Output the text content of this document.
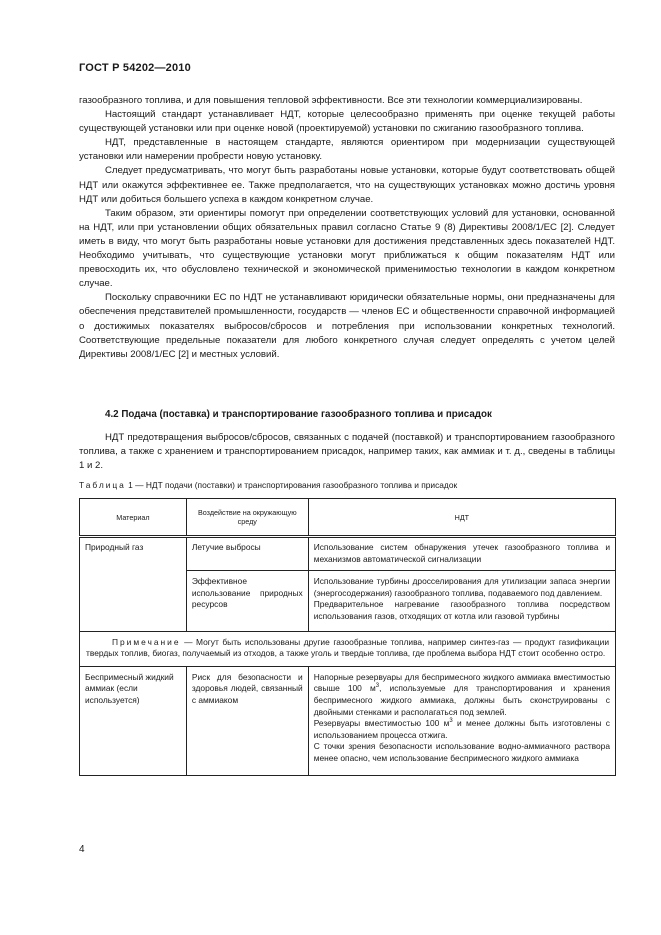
ГОСТ Р 54202—2010

газообразного топлива, и для повышения тепловой эффективности. Все эти технологии коммерциализированы.

Настоящий стандарт устанавливает НДТ, которые целесообразно применять при оценке текущей работы существующей установки или при оценке новой (проектируемой) установки по сжиганию газообразного топлива.

НДТ, представленные в настоящем стандарте, являются ориентиром при модернизации существующей установки или намерении пробрести новую установку.

Следует предусматривать, что могут быть разработаны новые установки, которые будут соответствовать общей НДТ или окажутся эффективнее ее. Также предполагается, что на существующих установках можно достичь уровня НДТ или добиться большего успеха в каждом конкретном случае.

Таким образом, эти ориентиры помогут при определении соответствующих условий для установки, основанной на НДТ, или при установлении общих обязательных правил согласно Статье 9 (8) Директивы 2008/1/ЕС [2]. Следует иметь в виду, что могут быть разработаны новые установки для достижения представленных здесь показателей НДТ. Необходимо учитывать, что существующие установки могут приближаться к общим показателям НДТ или превосходить их, что обусловлено технической и экономической применимостью технологии в каждом конкретном случае.

Поскольку справочники ЕС по НДТ не устанавливают юридически обязательные нормы, они предназначены для обеспечения представителей промышленности, государств — членов ЕС и общественности справочной информацией о достижимых показателях выбросов/сбросов и потребления при использовании конкретных технологий. Соответствующие предельные показатели для любого конкретного случая следует определять с учетом целей Директивы 2008/1/ЕС [2] и местных условий.

4.2 Подача (поставка) и транспортирование газообразного топлива и присадок

НДТ предотвращения выбросов/сбросов, связанных с подачей (поставкой) и транспортированием газообразного топлива, а также с хранением и транспортированием присадок, например таких, как аммиак и т. д., сведены в таблицы 1 и 2.

Таблица 1 — НДТ подачи (поставки) и транспортирования газообразного топлива и присадок
Материал	Воздействие на окружающую среду	НДТ
Природный газ	Летучие выбросы	Использование систем обнаружения утечек газообразного топлива и механизмов автоматической сигнализации
	Эффективное использование природных ресурсов	Использование турбины дросселирования для утилизации запаса энергии (энергосодержания) газообразного топлива, подаваемого под давлением.
Предварительное нагревание газообразного топлива посредством использования газов, отходящих от котла или газовой турбины

Примечание — Могут быть использованы другие газообразные топлива, например синтез-газ — продукт газификации твердых топлив, биогаз, получаемый из отходов, а также уголь и твердые топлива, где проблема выбора НДТ стоит особенно остро.		
Беспримесный жидкий аммиак (если используется)	Риск для безопасности и здоровья людей, связанный с аммиаком	Напорные резервуары для беспримесного жидкого аммиака вместимостью свыше 100 $м^3$, используемые для транспортирования и хранения беспримесного жидкого аммиака, должны быть сконструированы с двойными стенками и располагаться под землей.
Резервуары вместимостью 100 $м^3$ и менее должны быть изготовлены с использованием процесса отжига.
С точки зрения безопасности использование водно-аммиачного раствора менее опасно, чем использование беспримесного жидкого аммиака
4
